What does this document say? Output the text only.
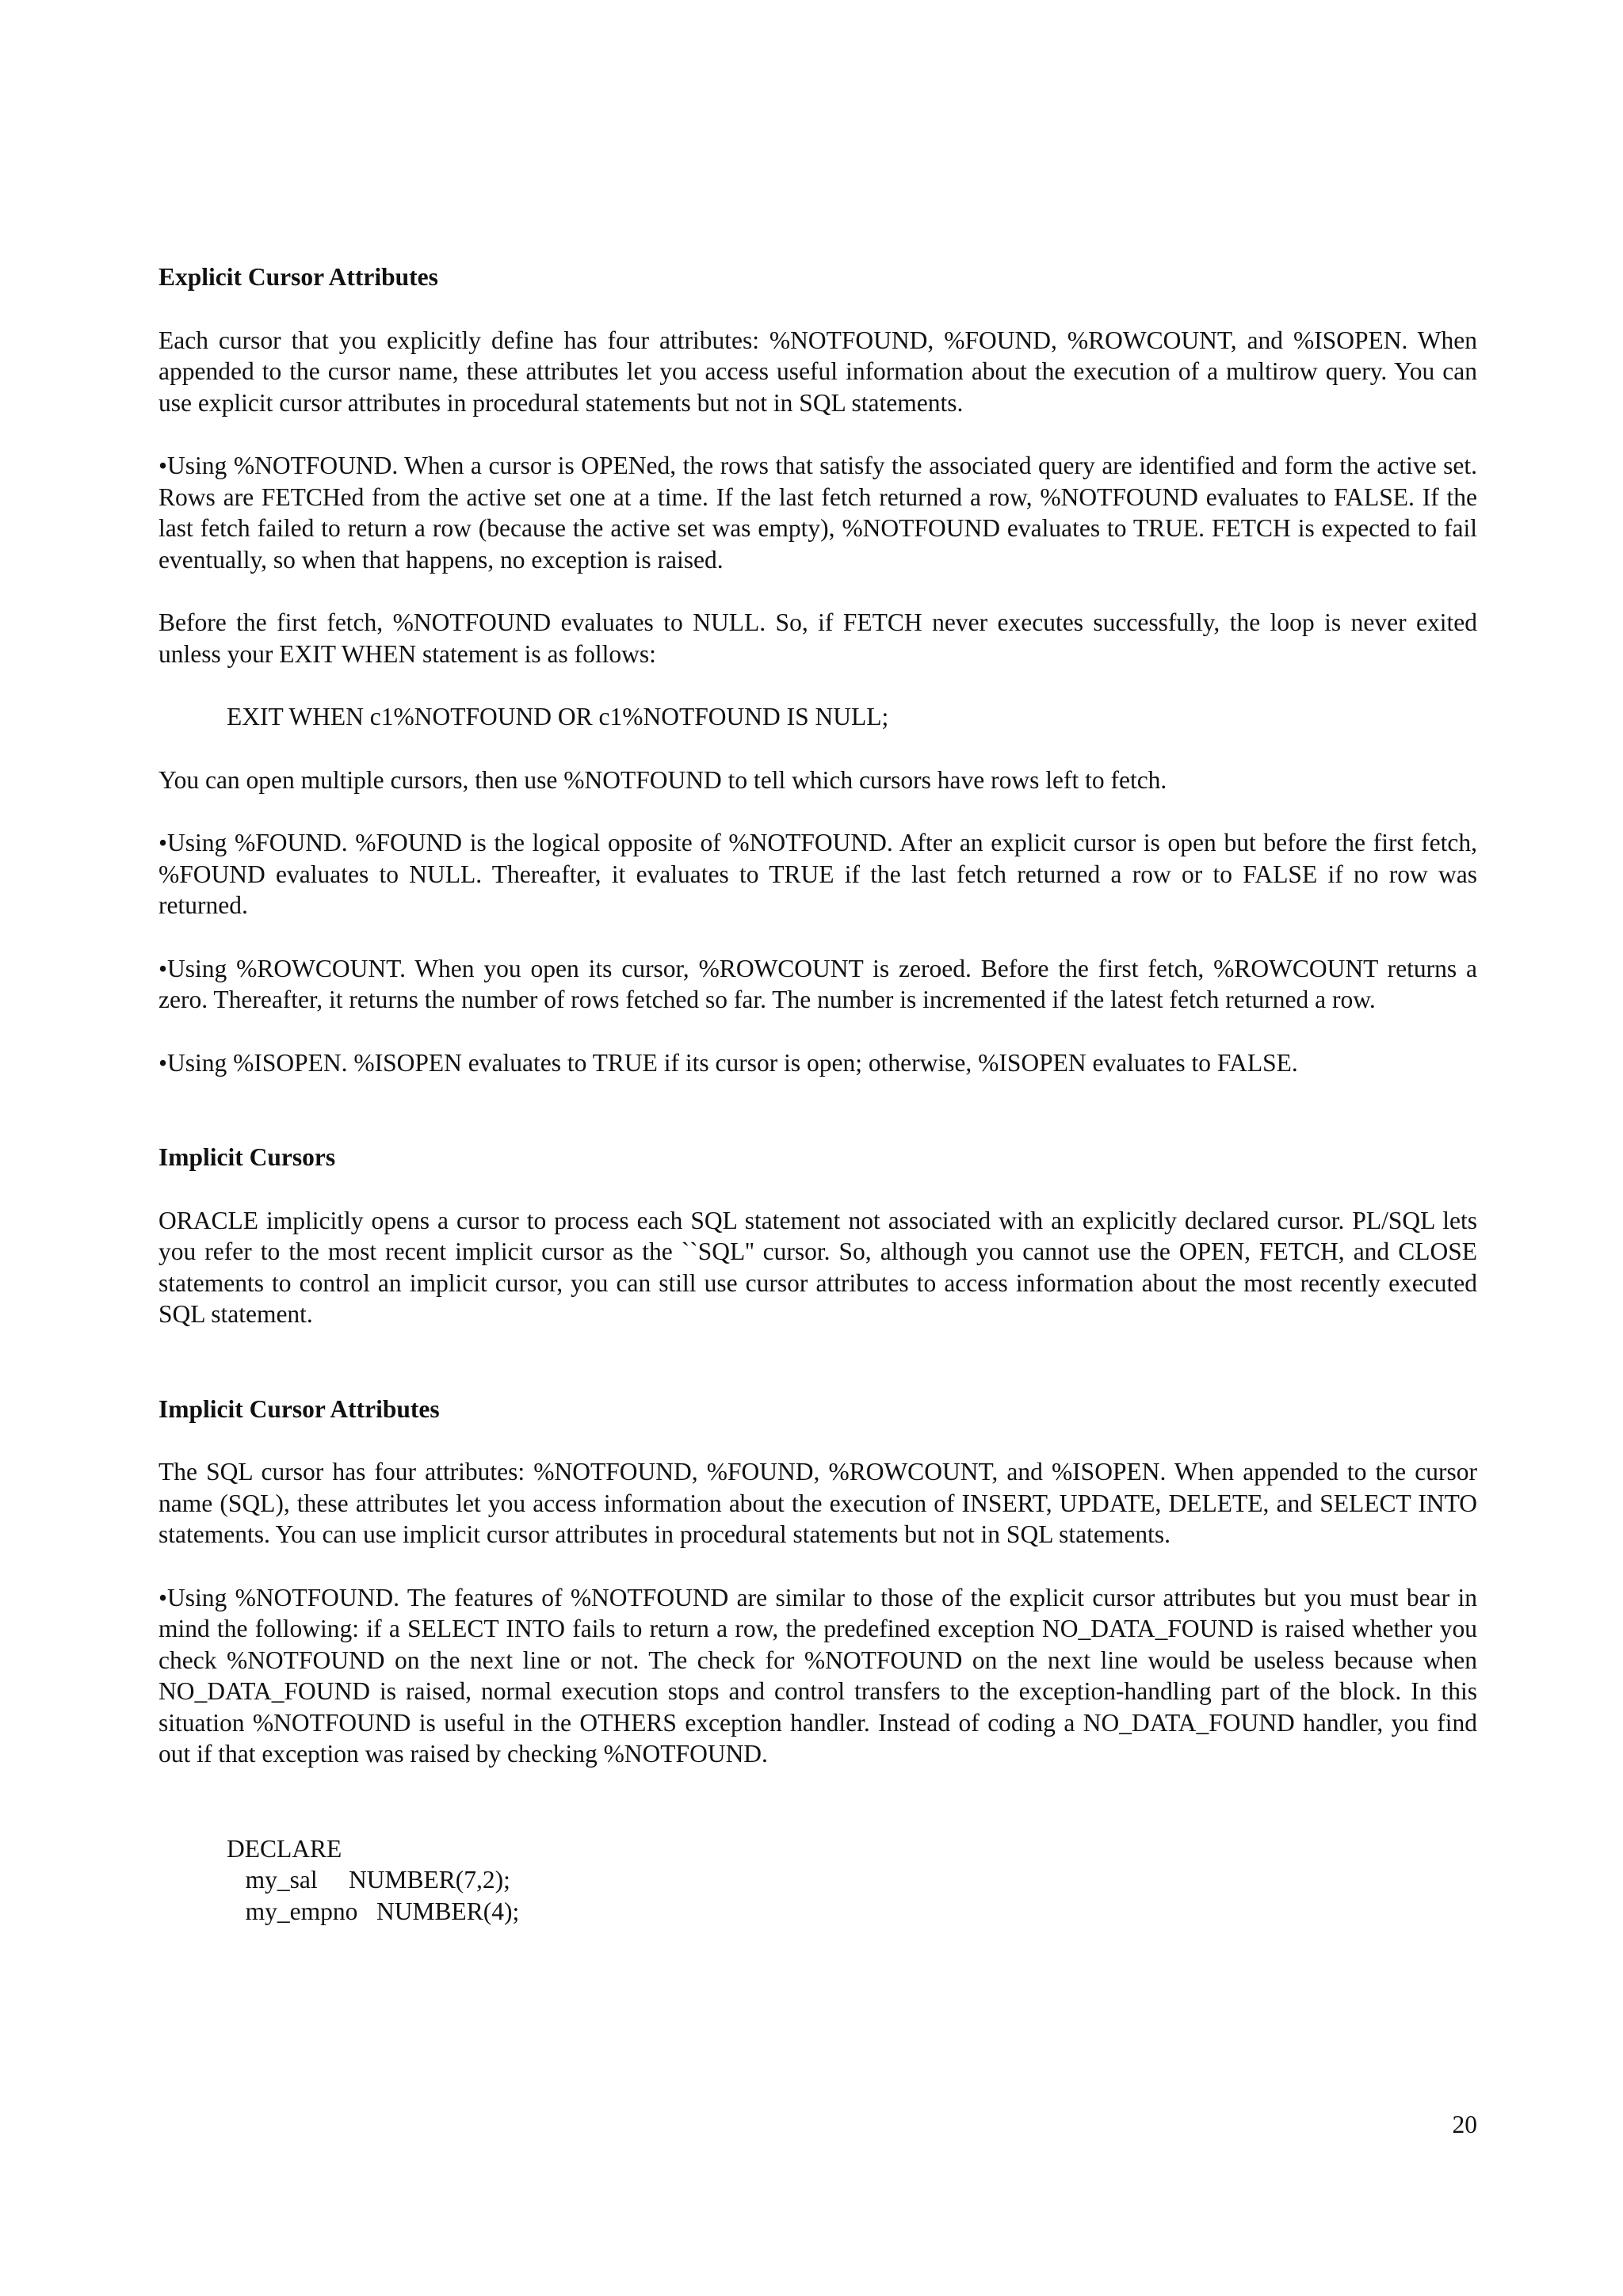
Explicit Cursor Attributes

Each cursor that you explicitly define has four attributes: %NOTFOUND, %FOUND, %ROWCOUNT, and %ISOPEN. When appended to the cursor name, these attributes let you access useful information about the execution of a multirow query. You can use explicit cursor attributes in procedural statements but not in SQL statements.

•Using %NOTFOUND. When a cursor is OPENed, the rows that satisfy the associated query are identified and form the active set. Rows are FETCHed from the active set one at a time. If the last fetch returned a row, %NOTFOUND evaluates to FALSE. If the last fetch failed to return a row (because the active set was empty), %NOTFOUND evaluates to TRUE. FETCH is expected to fail eventually, so when that happens, no exception is raised.

Before the first fetch, %NOTFOUND evaluates to NULL. So, if FETCH never executes successfully, the loop is never exited unless your EXIT WHEN statement is as follows:

EXIT WHEN c1%NOTFOUND OR c1%NOTFOUND IS NULL;

You can open multiple cursors, then use %NOTFOUND to tell which cursors have rows left to fetch.

•Using %FOUND. %FOUND is the logical opposite of %NOTFOUND. After an explicit cursor is open but before the first fetch, %FOUND evaluates to NULL. Thereafter, it evaluates to TRUE if the last fetch returned a row or to FALSE if no row was returned.

•Using %ROWCOUNT. When you open its cursor, %ROWCOUNT is zeroed. Before the first fetch, %ROWCOUNT returns a zero. Thereafter, it returns the number of rows fetched so far. The number is incremented if the latest fetch returned a row.

•Using %ISOPEN. %ISOPEN evaluates to TRUE if its cursor is open; otherwise, %ISOPEN evaluates to FALSE.

Implicit Cursors

ORACLE implicitly opens a cursor to process each SQL statement not associated with an explicitly declared cursor. PL/SQL lets you refer to the most recent implicit cursor as the ``SQL'' cursor. So, although you cannot use the OPEN, FETCH, and CLOSE statements to control an implicit cursor, you can still use cursor attributes to access information about the most recently executed SQL statement.

Implicit Cursor Attributes

The SQL cursor has four attributes: %NOTFOUND, %FOUND, %ROWCOUNT, and %ISOPEN. When appended to the cursor name (SQL), these attributes let you access information about the execution of INSERT, UPDATE, DELETE, and SELECT INTO statements. You can use implicit cursor attributes in procedural statements but not in SQL statements.

•Using %NOTFOUND. The features of %NOTFOUND are similar to those of the explicit cursor attributes but you must bear in mind the following: if a SELECT INTO fails to return a row, the predefined exception NO_DATA_FOUND is raised whether you check %NOTFOUND on the next line or not. The check for %NOTFOUND on the next line would be useless because when NO_DATA_FOUND is raised, normal execution stops and control transfers to the exception-handling part of the block. In this situation %NOTFOUND is useful in the OTHERS exception handler. Instead of coding a NO_DATA_FOUND handler, you find out if that exception was raised by checking %NOTFOUND.

DECLARE
my_sal     NUMBER(7,2);
my_empno   NUMBER(4);
20
